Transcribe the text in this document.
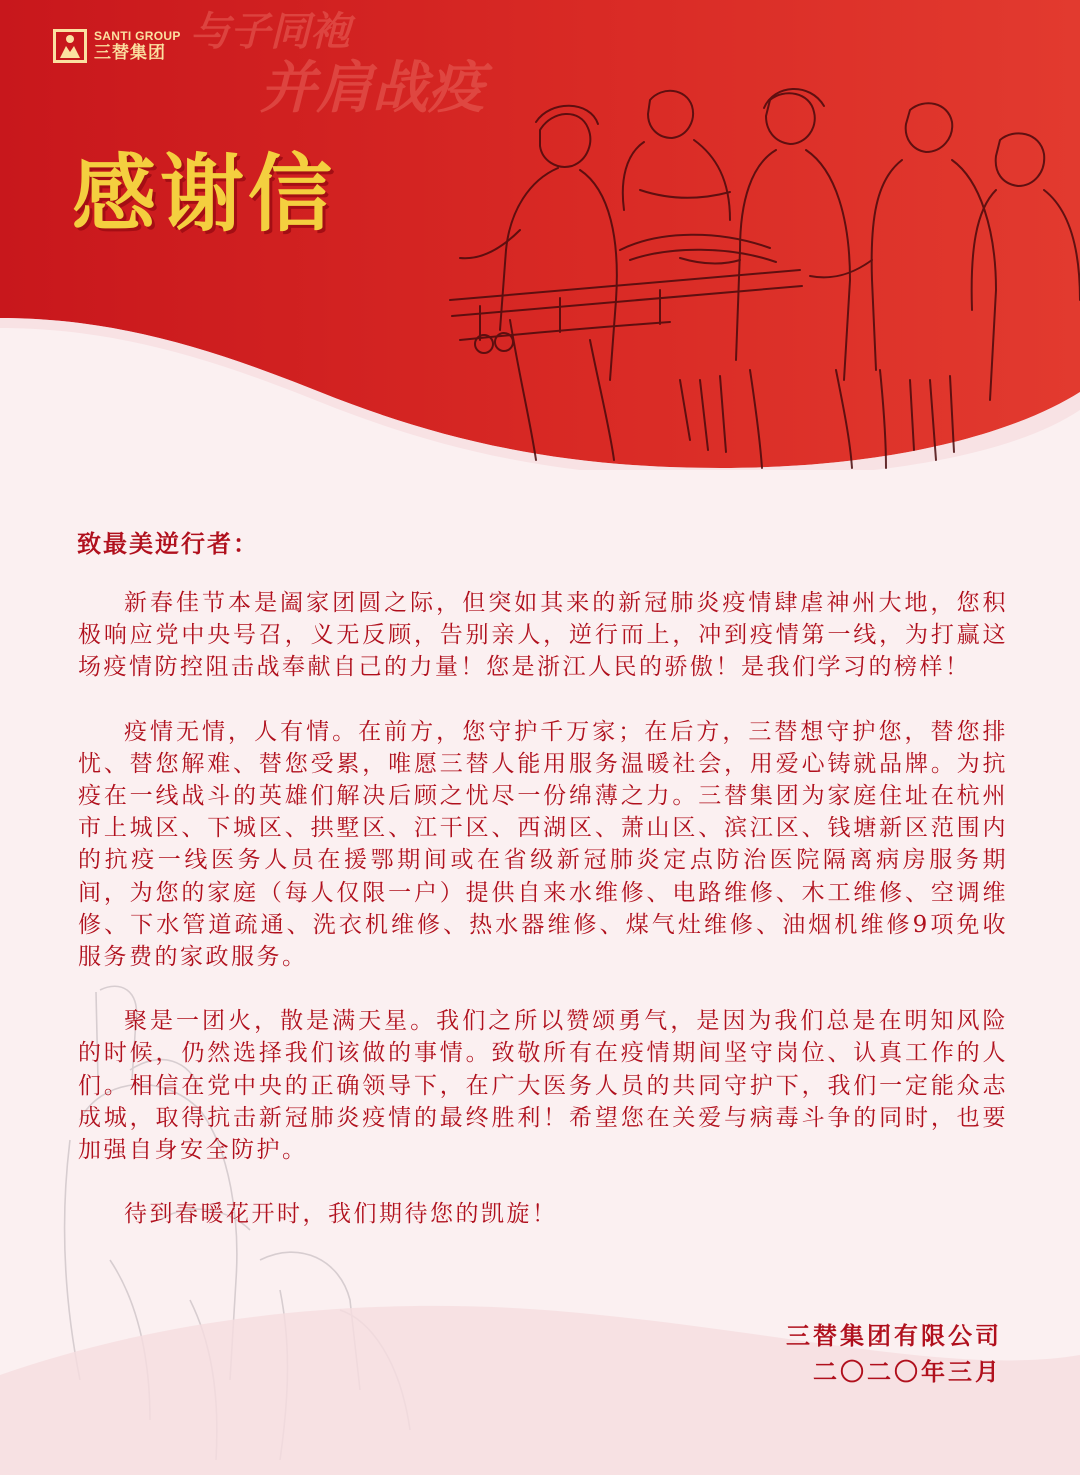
SANTI GROUP
三替集团 与子同袍
并肩战疫
感谢信
致最美逆行者：

新春佳节本是阖家团圆之际，但突如其来的新冠肺炎疫情肆虐神州大地，您积极响应党中央号召，义无反顾，告别亲人，逆行而上，冲到疫情第一线，为打赢这场疫情防控阻击战奉献自己的力量！您是浙江人民的骄傲！是我们学习的榜样！

疫情无情，人有情。在前方，您守护千万家；在后方，三替想守护您，替您排忧、替您解难、替您受累，唯愿三替人能用服务温暖社会，用爱心铸就品牌。为抗疫在一线战斗的英雄们解决后顾之忧尽一份绵薄之力。三替集团为家庭住址在杭州市上城区、下城区、拱墅区、江干区、西湖区、萧山区、滨江区、钱塘新区范围内的抗疫一线医务人员在援鄂期间或在省级新冠肺炎定点防治医院隔离病房服务期间，为您的家庭（每人仅限一户）提供自来水维修、电路维修、木工维修、空调维修、下水管道疏通、洗衣机维修、热水器维修、煤气灶维修、油烟机维修9项免收服务费的家政服务。

聚是一团火，散是满天星。我们之所以赞颂勇气，是因为我们总是在明知风险的时候，仍然选择我们该做的事情。致敬所有在疫情期间坚守岗位、认真工作的人们。相信在党中央的正确领导下，在广大医务人员的共同守护下，我们一定能众志成城，取得抗击新冠肺炎疫情的最终胜利！希望您在关爱与病毒斗争的同时，也要加强自身安全防护。

待到春暖花开时，我们期待您的凯旋！

三替集团有限公司
二〇二〇年三月
